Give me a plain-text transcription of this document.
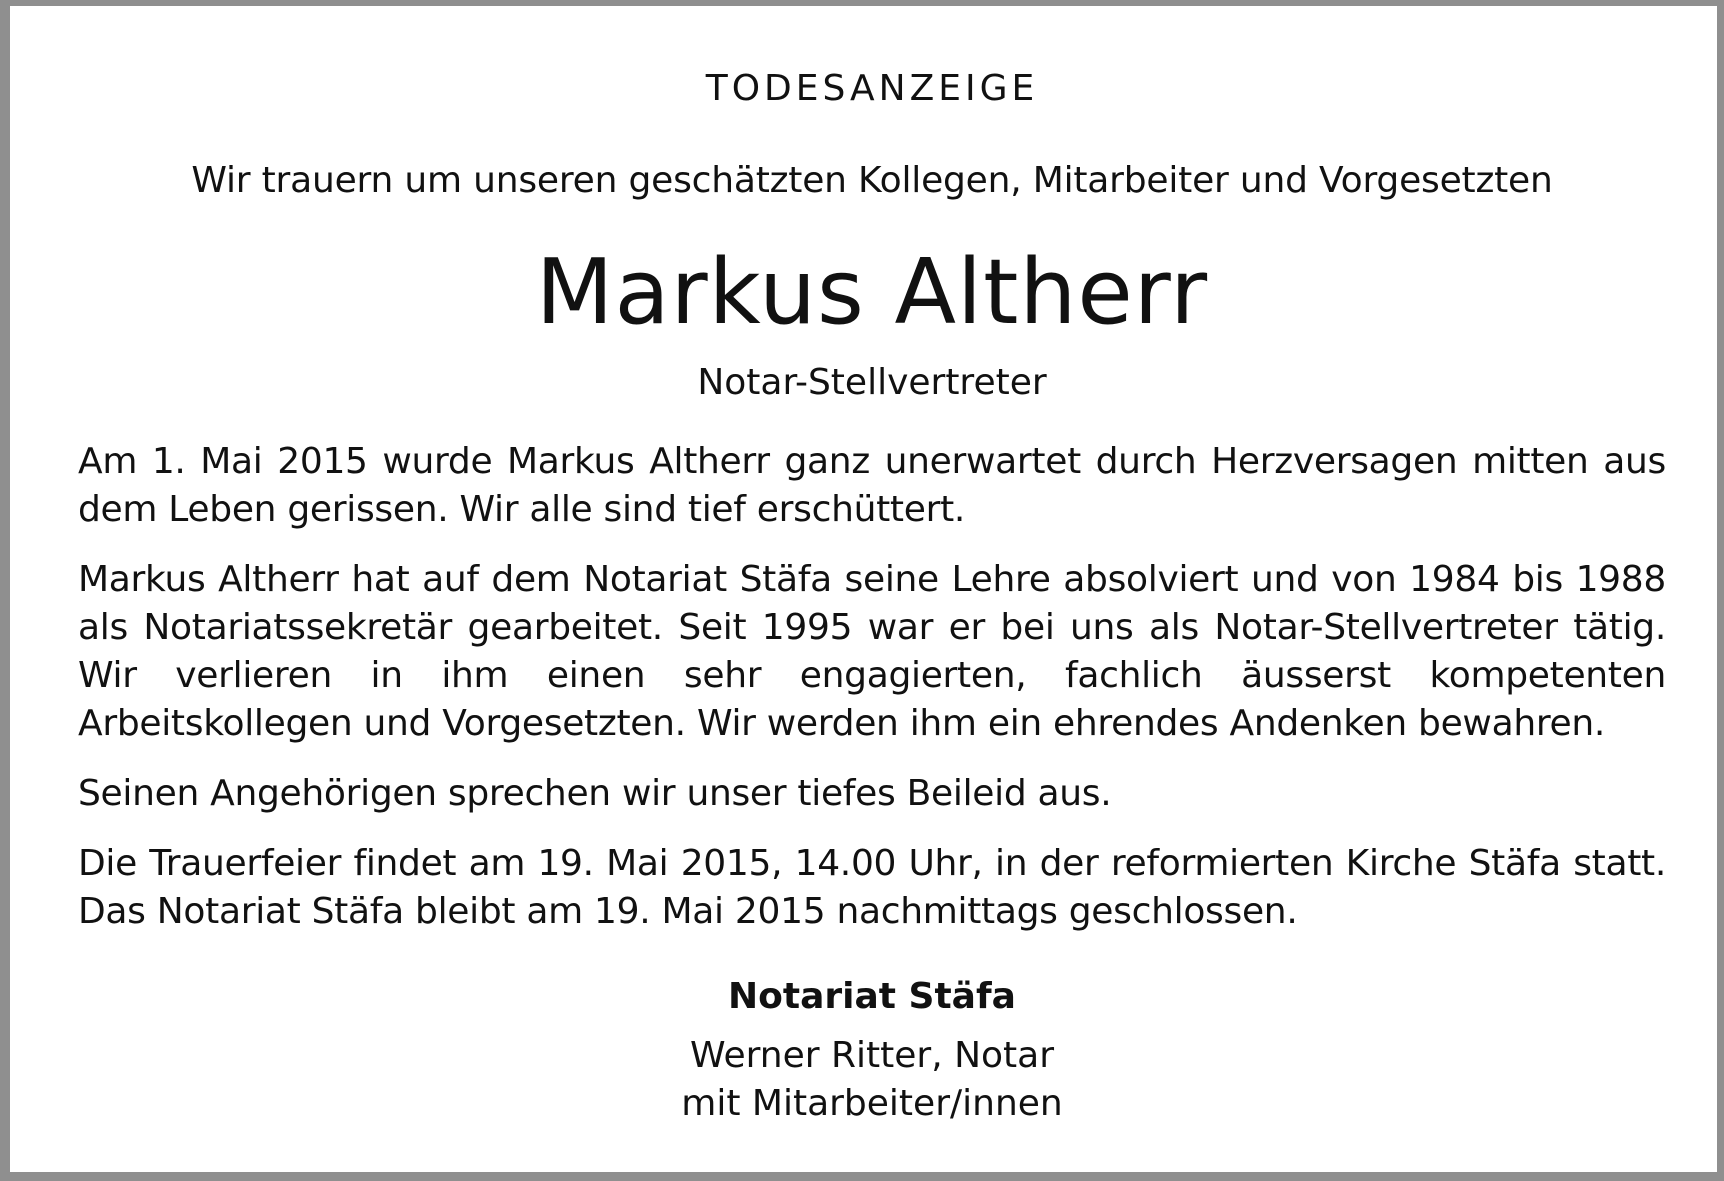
TODESANZEIGE
Wir trauern um unseren geschätzten Kollegen, Mitarbeiter und Vorgesetzten
Markus Altherr
Notar-Stellvertreter

Am 1. Mai 2015 wurde Markus Altherr ganz unerwartet durch Herzversagen mitten aus dem Leben gerissen. Wir alle sind tief erschüttert.

Markus Altherr hat auf dem Notariat Stäfa seine Lehre absolviert und von 1984 bis 1988 als Notariatssekretär gearbeitet. Seit 1995 war er bei uns als Notar-Stellvertreter tätig. Wir verlieren in ihm einen sehr engagierten, fachlich äusserst kompetenten Arbeitskollegen und Vorgesetzten. Wir werden ihm ein ehrendes Andenken bewahren.

Seinen Angehörigen sprechen wir unser tiefes Beileid aus.

Die Trauerfeier findet am 19. Mai 2015, 14.00 Uhr, in der reformierten Kirche Stäfa statt. Das Notariat Stäfa bleibt am 19. Mai 2015 nachmittags geschlossen.

Notariat Stäfa
Werner Ritter, Notar
mit Mitarbeiter/innen
